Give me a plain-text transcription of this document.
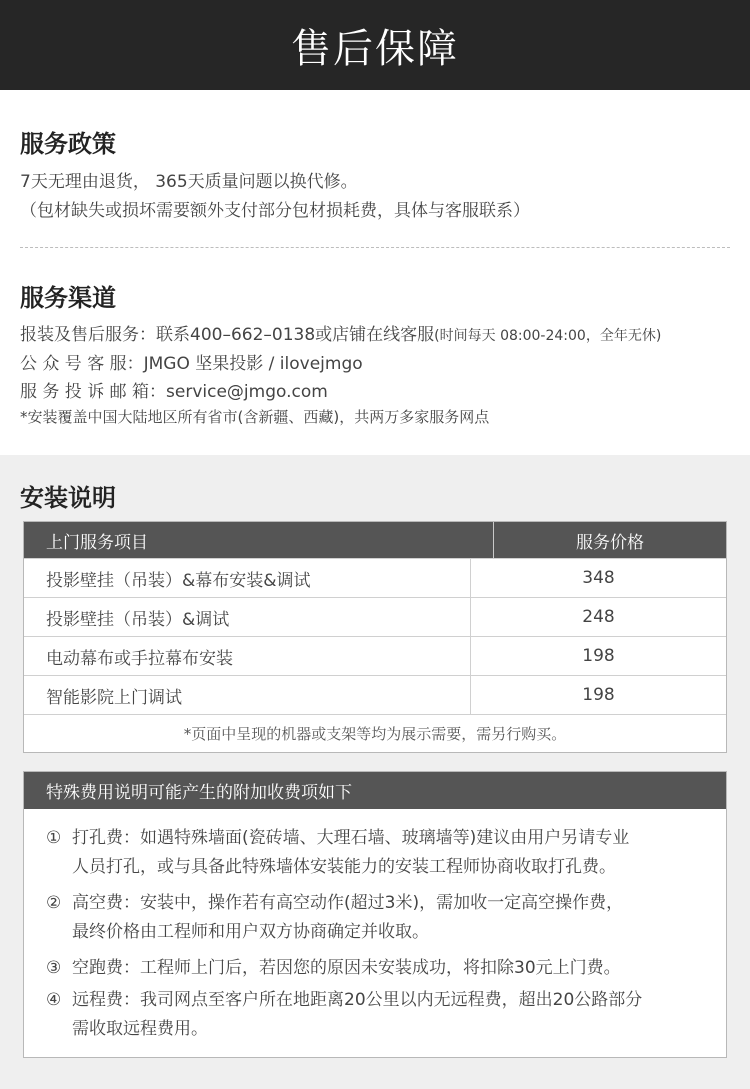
售后保障
服务政策
7天无理由退货， 365天质量问题以换代修。
（包材缺失或损坏需要额外支付部分包材损耗费，具体与客服联系）
服务渠道
报装及售后服务：联系400–662–0138或店铺在线客服(时间每天 08:00-24:00，全年无休)
公 众 号 客 服：JMGO 坚果投影 / ilovejmgo
服 务 投 诉 邮 箱：service@jmgo.com
*安装覆盖中国大陆地区所有省市(含新疆、西藏)，共两万多家服务网点
安装说明
上门服务项目	服务价格
投影壁挂（吊装）&幕布安装&调试	348
投影壁挂（吊装）&调试	248
电动幕布或手拉幕布安装	198
智能影院上门调试	198
*页面中呈现的机器或支架等均为展示需要，需另行购买。
特殊费用说明可能产生的附加收费项如下
① 打孔费：如遇特殊墙面(瓷砖墙、大理石墙、玻璃墙等)建议由用户另请专业
人员打孔，或与具备此特殊墙体安装能力的安装工程师协商收取打孔费。
② 高空费：安装中，操作若有高空动作(超过3米)，需加收一定高空操作费，
最终价格由工程师和用户双方协商确定并收取。
③ 空跑费：工程师上门后，若因您的原因未安装成功，将扣除30元上门费。
④ 远程费：我司网点至客户所在地距离20公里以内无远程费，超出20公路部分
需收取远程费用。
